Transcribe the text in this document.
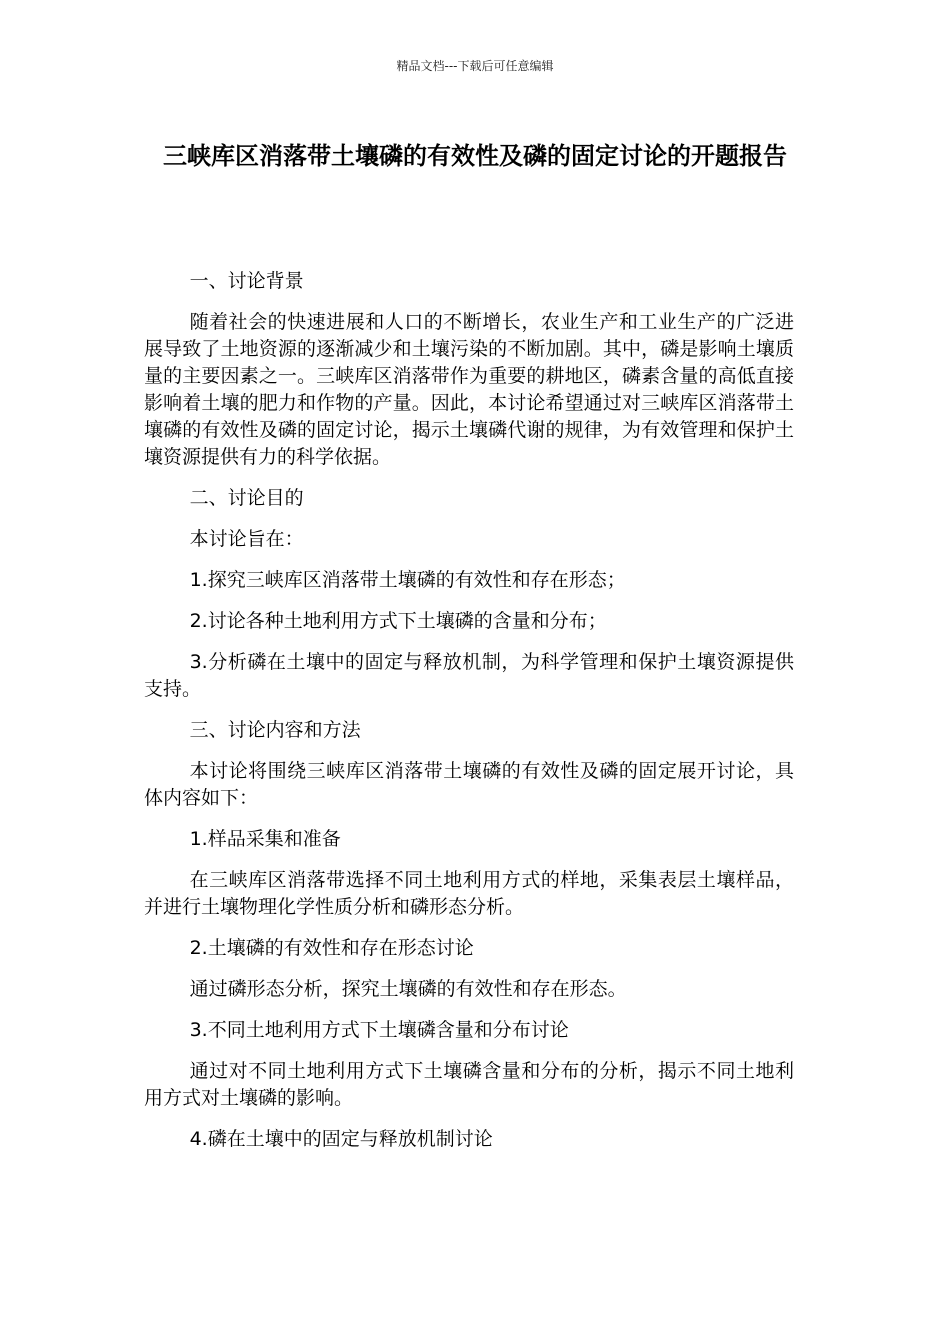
精品文档---下载后可任意编辑
三峡库区消落带土壤磷的有效性及磷的固定讨论的开题报告

一、讨论背景

随着社会的快速进展和人口的不断增长，农业生产和工业生产的广泛进展导致了土地资源的逐渐减少和土壤污染的不断加剧。其中，磷是影响土壤质量的主要因素之一。三峡库区消落带作为重要的耕地区，磷素含量的高低直接影响着土壤的肥力和作物的产量。因此，本讨论希望通过对三峡库区消落带土壤磷的有效性及磷的固定讨论，揭示土壤磷代谢的规律，为有效管理和保护土壤资源提供有力的科学依据。

二、讨论目的

本讨论旨在：

1.探究三峡库区消落带土壤磷的有效性和存在形态；

2.讨论各种土地利用方式下土壤磷的含量和分布；

3.分析磷在土壤中的固定与释放机制，为科学管理和保护土壤资源提供支持。

三、讨论内容和方法

本讨论将围绕三峡库区消落带土壤磷的有效性及磷的固定展开讨论，具体内容如下：

1.样品采集和准备

在三峡库区消落带选择不同土地利用方式的样地，采集表层土壤样品，并进行土壤物理化学性质分析和磷形态分析。

2.土壤磷的有效性和存在形态讨论

通过磷形态分析，探究土壤磷的有效性和存在形态。

3.不同土地利用方式下土壤磷含量和分布讨论

通过对不同土地利用方式下土壤磷含量和分布的分析，揭示不同土地利用方式对土壤磷的影响。

4.磷在土壤中的固定与释放机制讨论
